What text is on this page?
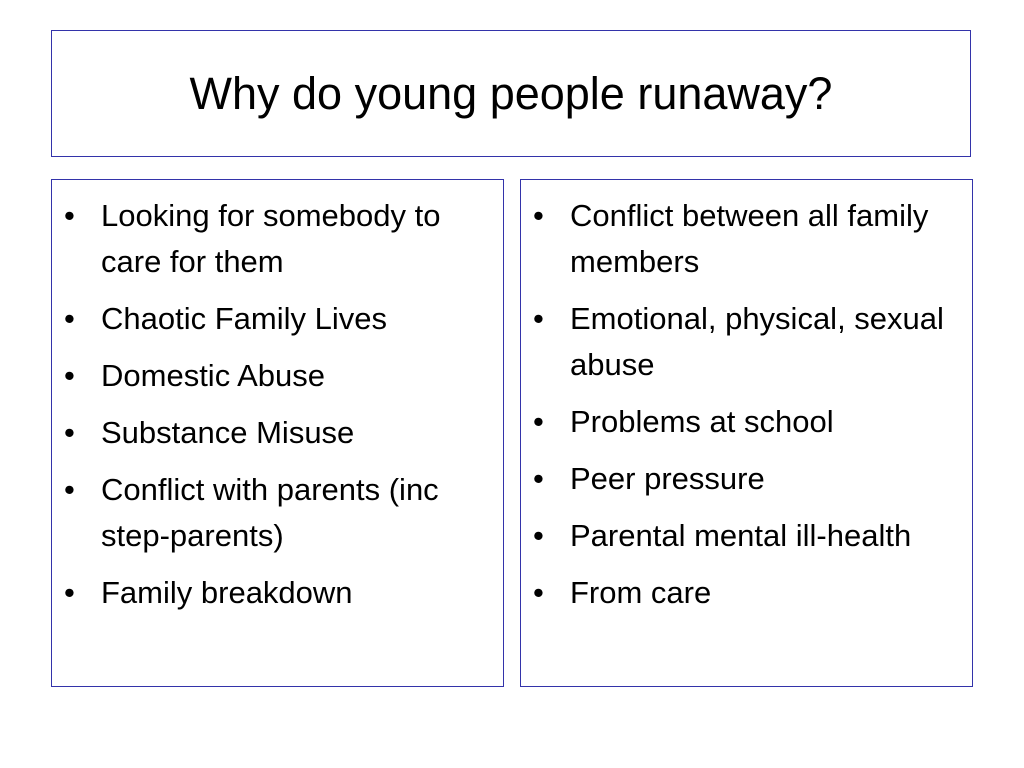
Why do young people runaway?
• Looking for somebody to care for them
• Chaotic Family Lives
• Domestic Abuse
• Substance Misuse
• Conflict with parents (inc step-parents)
• Family breakdown
• Conflict between all family members
• Emotional, physical, sexual abuse
• Problems at school
• Peer pressure
• Parental mental ill-health
• From care
